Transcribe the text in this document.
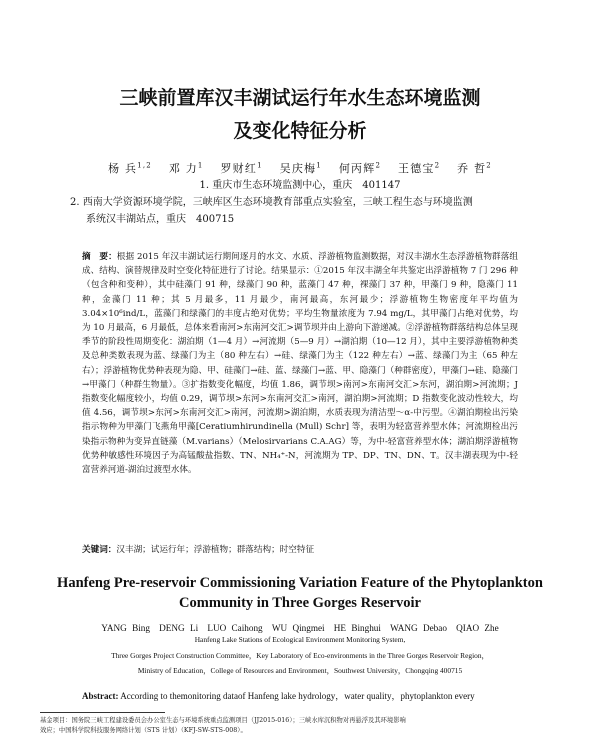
三峡前置库汉丰湖试运行年水生态环境监测
及变化特征分析
杨 兵$^{1,2}$  邓 力$^1$  罗财红$^1$  吴庆梅$^1$  何丙辉$^2$  王德宝$^2$  乔 哲$^2$
1. 重庆市生态环境监测中心，重庆　401147
2. 西南大学资源环境学院，三峡库区生态环境教育部重点实验室，三峡工程生态与环境监测
系统汉丰湖站点，重庆　400715
摘　要：根据 2015 年汉丰湖试运行期间逐月的水文、水质、浮游植物监测数据，对汉丰湖水生态浮游植物群落组成、结构、演替规律及时空变化特征进行了讨论。结果显示：①2015 年汉丰湖全年共鉴定出浮游植物 7 门 296 种（包含种和变种），其中硅藻门 91 种，绿藻门 90 种，蓝藻门 47 种，裸藻门 37 种，甲藻门 9 种，隐藻门 11 种，金藻门 11 种；其 5 月最多，11 月最少，南河最高，东河最少；浮游植物生物密度年平均值为 3.04×10⁶ind/L，蓝藻门和绿藻门的丰度占绝对优势；平均生物量浓度为 7.94 mg/L，其甲藻门占绝对优势，均为 10 月最高，6 月最低，总体来看南河>东南河交汇>调节坝并由上游向下游递减。②浮游植物群落结构总体呈现季节的阶段性周期变化：湖泊期（1—4 月）→河流期（5—9 月）→湖泊期（10—12 月），其中主要浮游植物种类及总种类数表现为蓝、绿藻门为主（80 种左右）→硅、绿藻门为主（122 种左右）→蓝、绿藻门为主（65 种左右）；浮游植物优势种表现为隐、甲、硅藻门→硅、蓝、绿藻门→蓝、甲、隐藻门（种群密度），甲藻门→硅、隐藻门→甲藻门（种群生物量）。③扩指数变化幅度，均值 1.86，调节坝>南河>东南河交汇>东河，湖泊期>河流期；J 指数变化幅度较小，均值 0.29，调节坝>东河>东南河交汇>南河，湖泊期>河流期；D 指数变化波动性较大，均值 4.56，调节坝>东河>东南河交汇>南河，河流期>湖泊期，水质表现为清洁型～α-中污型。④湖泊期检出污染指示物种为甲藻门飞燕角甲藻[Ceratiumhirundinella (Mull) Schr] 等，表明为轻富营养型水体；河流期检出污染指示物种为变异直链藻（M.varians）（Melosirvarians C.A.AG）等，为中-轻富营养型水体；湖泊期浮游植物优势种敏感性环境因子为高锰酸盐指数、TN、NH₄⁺-N，河流期为 TP、DP、TN、DN、T。汉丰湖表现为中-轻富营养河道-湖泊过渡型水体。
关键词：汉丰湖；试运行年；浮游植物；群落结构；时空特征
Hanfeng Pre-reservoir Commissioning Variation Feature of the Phytoplankton
Community in Three Gorges Reservoir
YANG Bing　DENG Li　LUO Caihong　WU Qingmei　HE Binghui　WANG Debao　QIAO Zhe
Hanfeng Lake Stations of Ecological Environment Monitoring System,
Three Gorges Project Construction Committee，Key Laboratory of Eco-environments in the Three Gorges Reservoir Region，
Ministry of Education，College of Resources and Environment，Southwest University，Chongqing 400715
Abstract: According to themonitoring dataof Hanfeng lake hydrology，water quality，phytoplankton every
基金项目：国务院三峡工程建设委员会办公室生态与环境系统重点监测项目（JJ2015-016）；三峡水库沉积物对再悬浮及其环境影响
效应；中国科学院科技服务网络计划（STS 计划）（KFJ-SW-STS-008）。
